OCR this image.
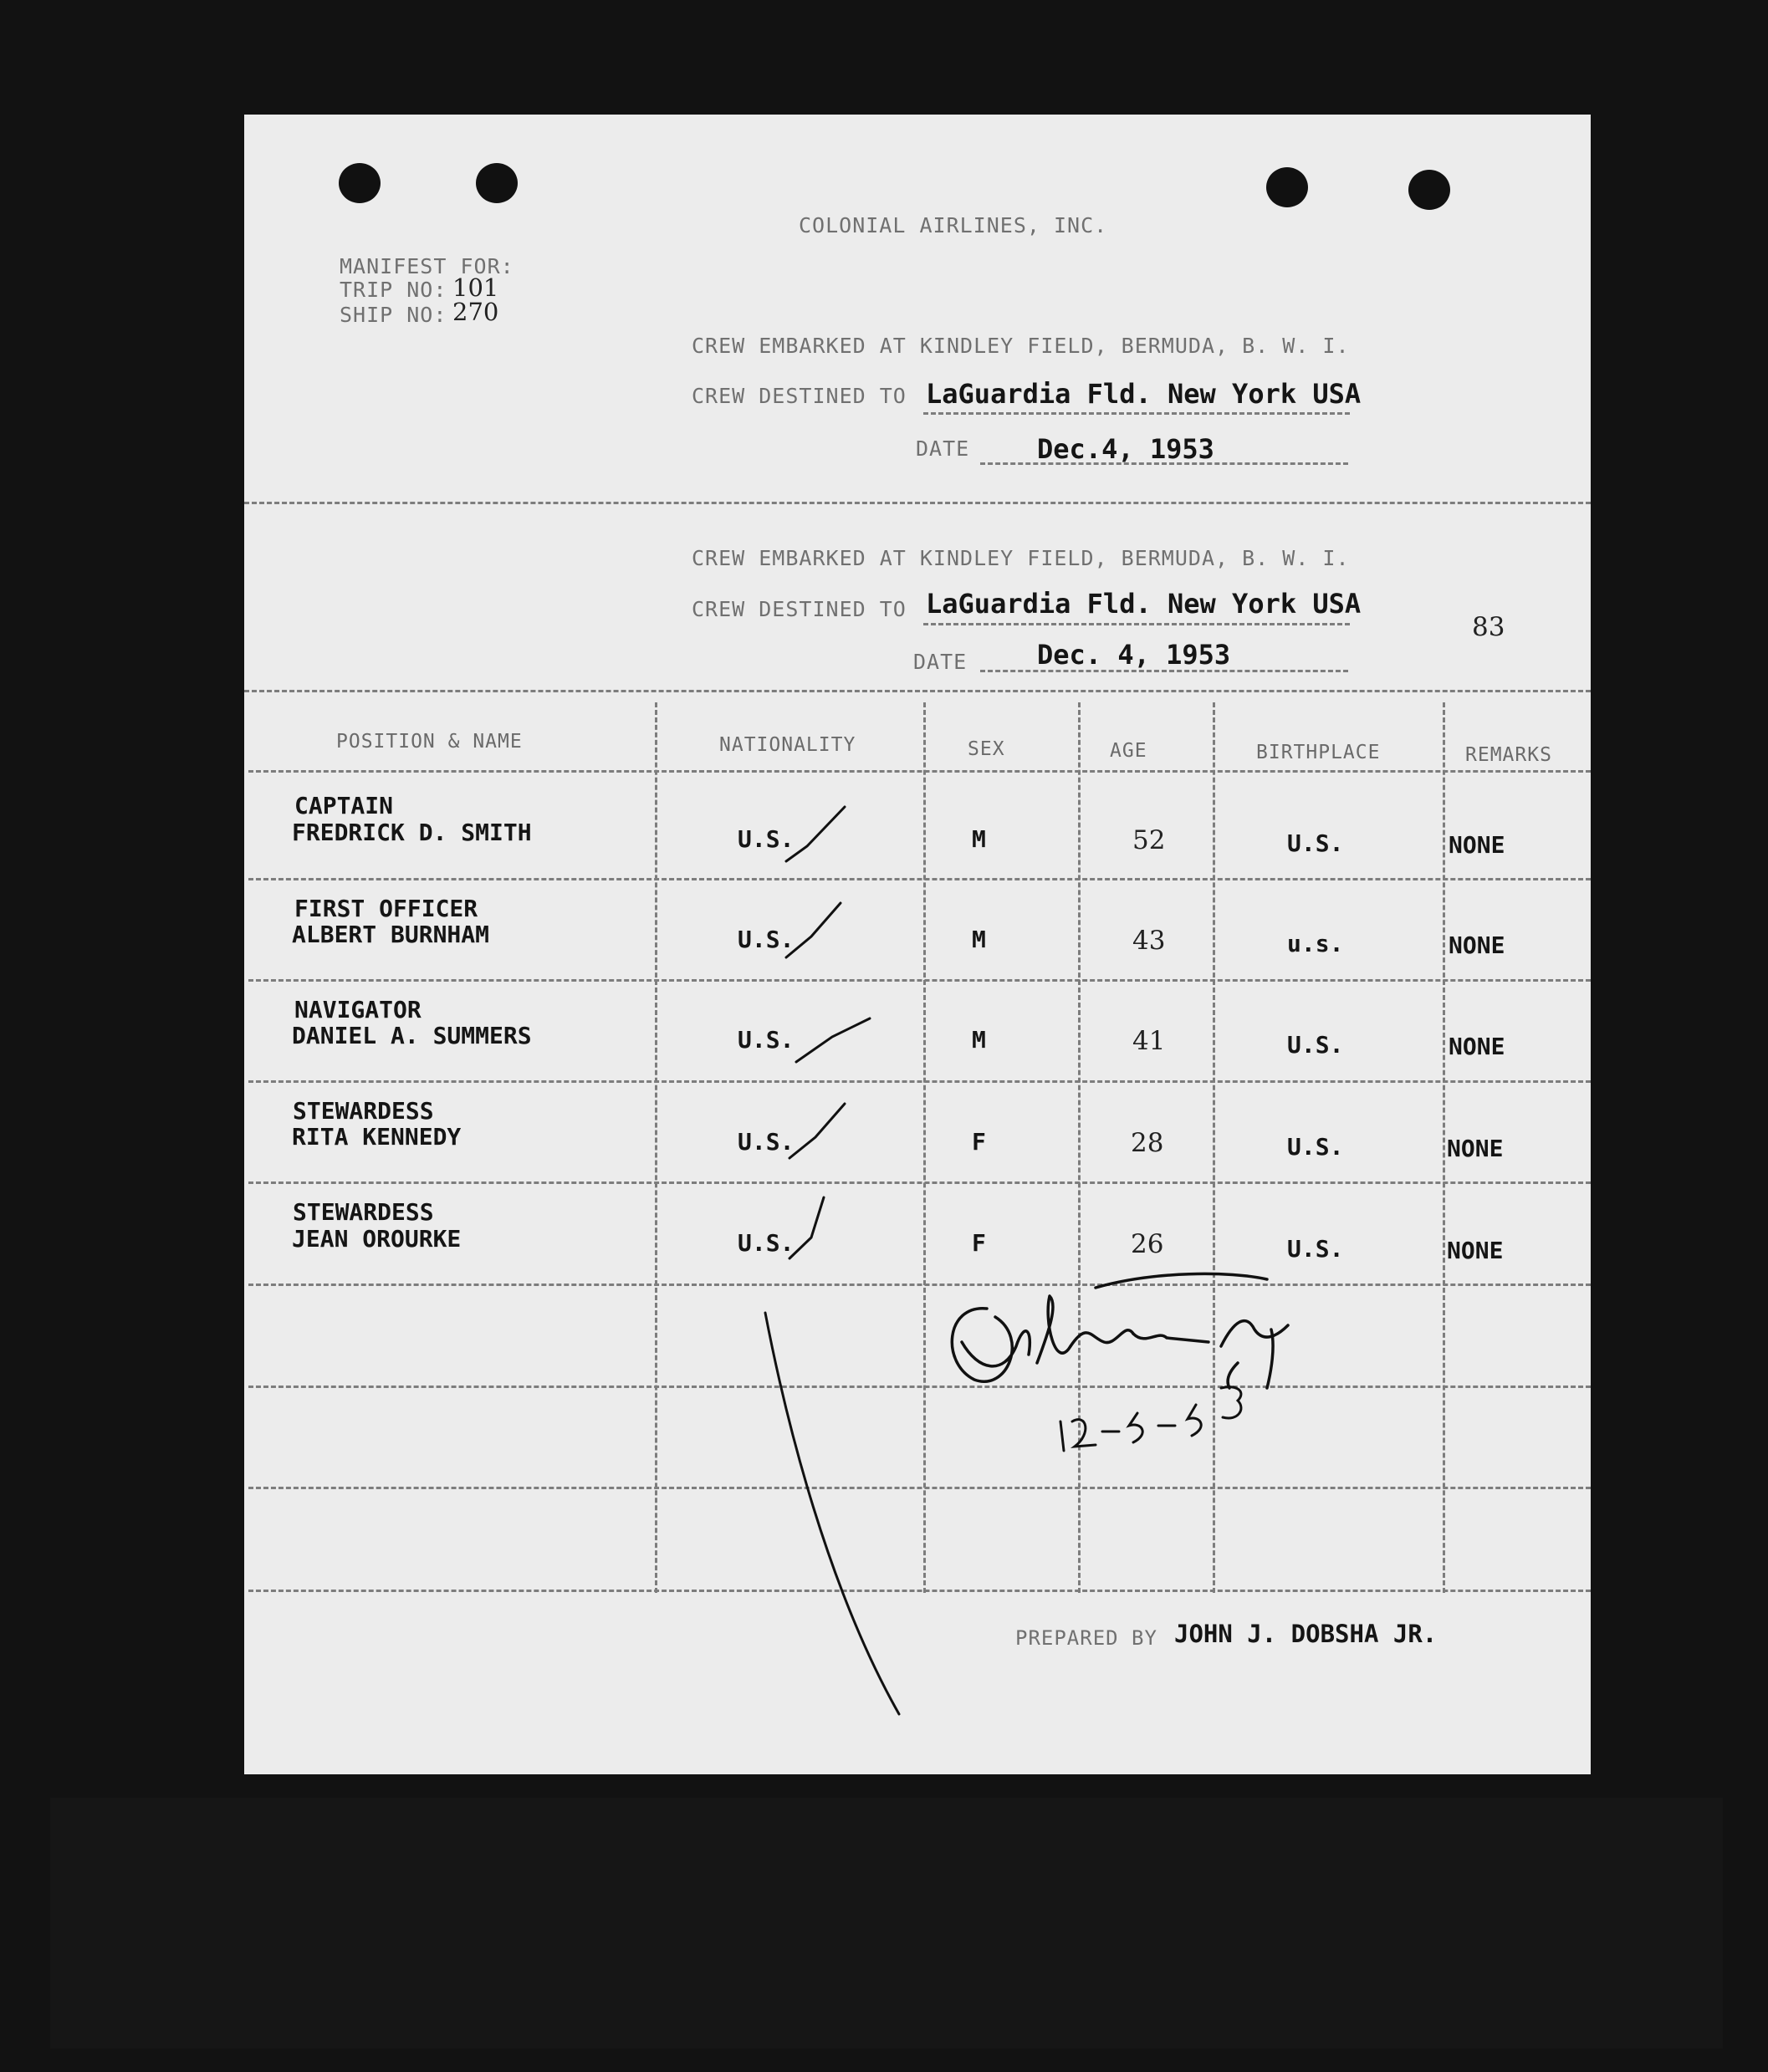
COLONIAL AIRLINES, INC.
MANIFEST FOR:
TRIP NO: 101
SHIP NO: 270
CREW EMBARKED AT KINDLEY FIELD, BERMUDA, B. W. I.
CREW DESTINED TO LaGuardia Fld. New York USA
DATE	Dec.4, 1953
CREW EMBARKED AT KINDLEY FIELD, BERMUDA, B. W. I.
CREW DESTINED TO LaGuardia Fld. New York USA
83
DATE	Dec. 4, 1953
POSITION & NAME	NATIONALITY	SEX	AGE	BIRTHPLACE	REMARKS
CAPTAIN
FREDRICK D. SMITH	U.S.	M	52	U.S.	NONE
FIRST OFFICER
ALBERT BURNHAM	U.S.	M	43	u.s.	NONE
NAVIGATOR
DANIEL A. SUMMERS	U.S.	M	41	U.S.	NONE
STEWARDESS
RITA KENNEDY	U.S.	F	28	U.S.	NONE
STEWARDESS
JEAN OROURKE	U.S.	F	26	U.S.	NONE
PREPARED BY JOHN J. DOBSHA JR.
